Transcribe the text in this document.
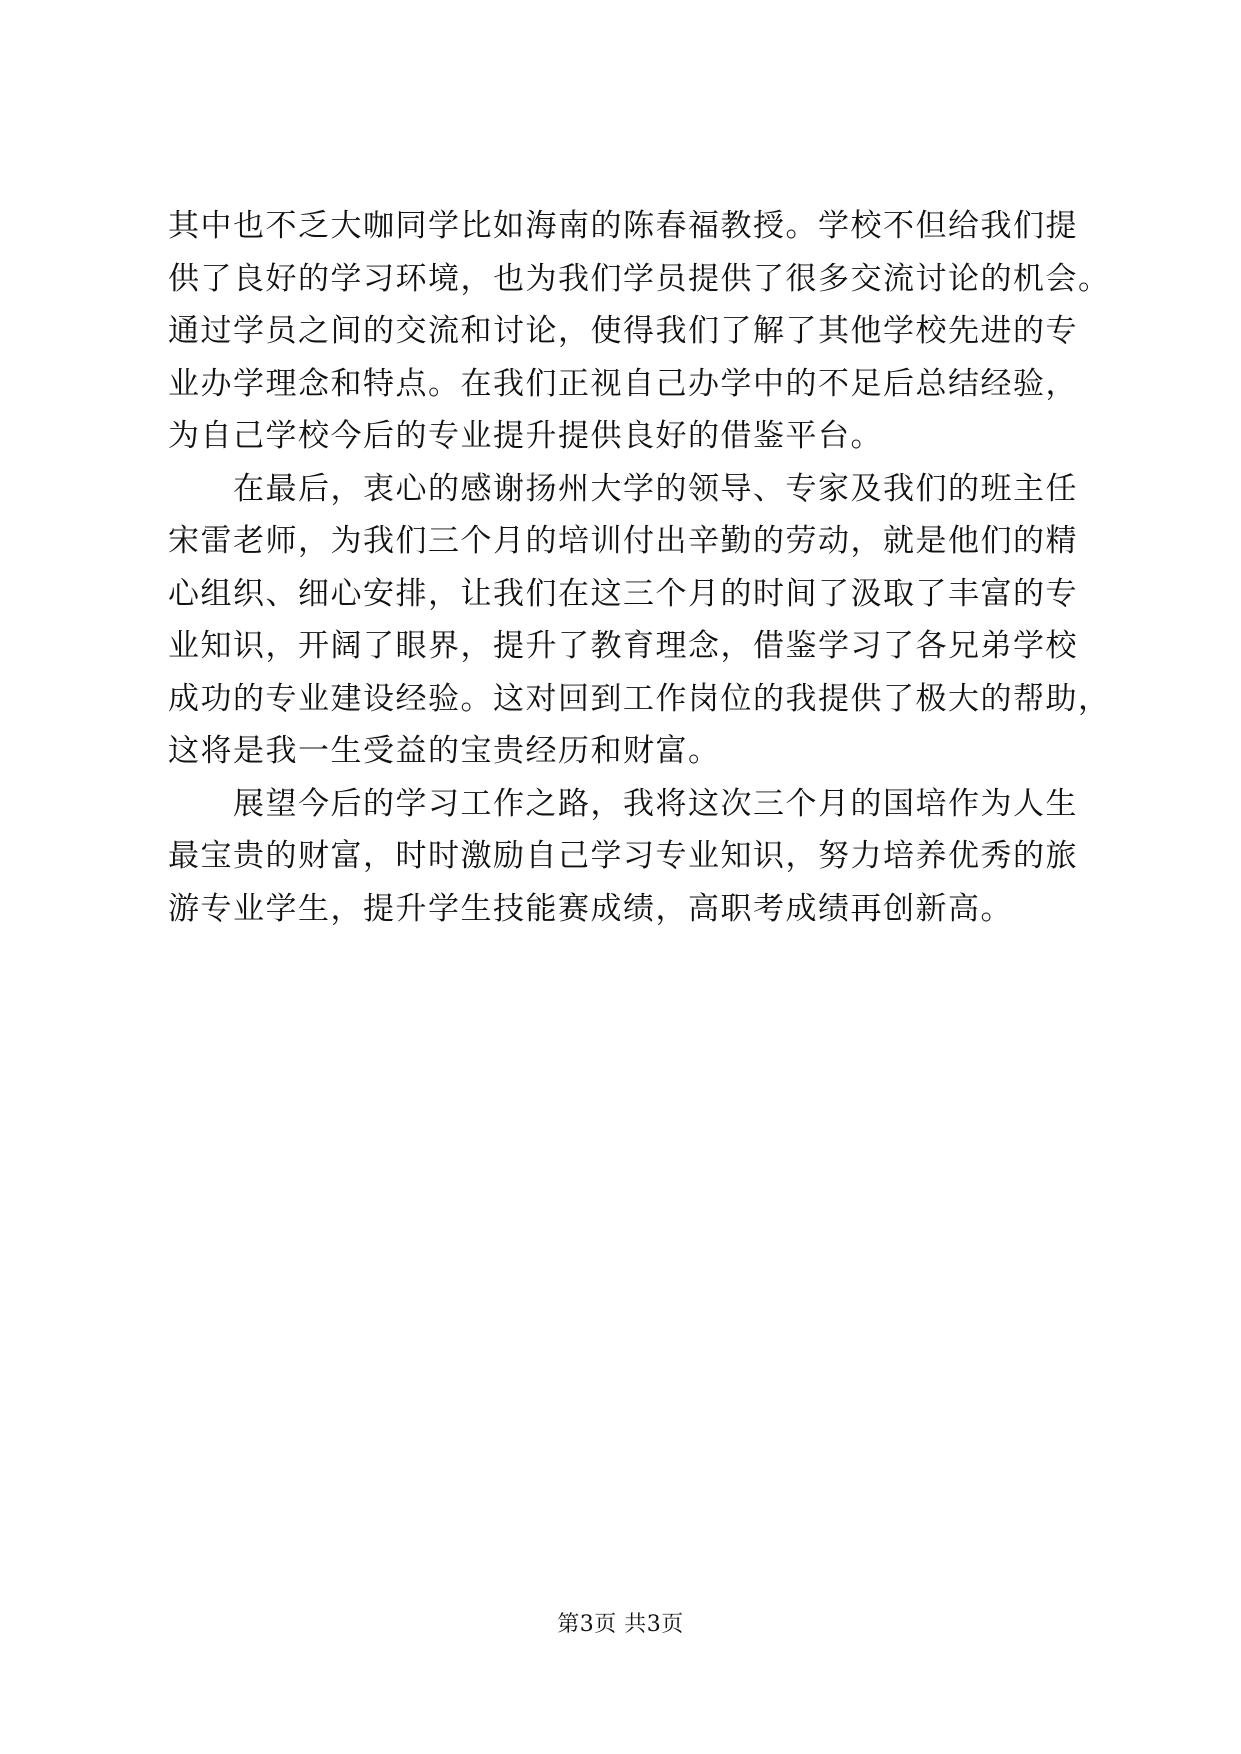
其中也不乏大咖同学比如海南的陈春福教授。学校不但给我们提
供了良好的学习环境，也为我们学员提供了很多交流讨论的机会。
通过学员之间的交流和讨论，使得我们了解了其他学校先进的专
业办学理念和特点。在我们正视自己办学中的不足后总结经验，
为自己学校今后的专业提升提供良好的借鉴平台。
　　在最后，衷心的感谢扬州大学的领导、专家及我们的班主任
宋雷老师，为我们三个月的培训付出辛勤的劳动，就是他们的精
心组织、细心安排，让我们在这三个月的时间了汲取了丰富的专
业知识，开阔了眼界，提升了教育理念，借鉴学习了各兄弟学校
成功的专业建设经验。这对回到工作岗位的我提供了极大的帮助，
这将是我一生受益的宝贵经历和财富。
　　展望今后的学习工作之路，我将这次三个月的国培作为人生
最宝贵的财富，时时激励自己学习专业知识，努力培养优秀的旅
游专业学生，提升学生技能赛成绩，高职考成绩再创新高。
第3页 共3页
